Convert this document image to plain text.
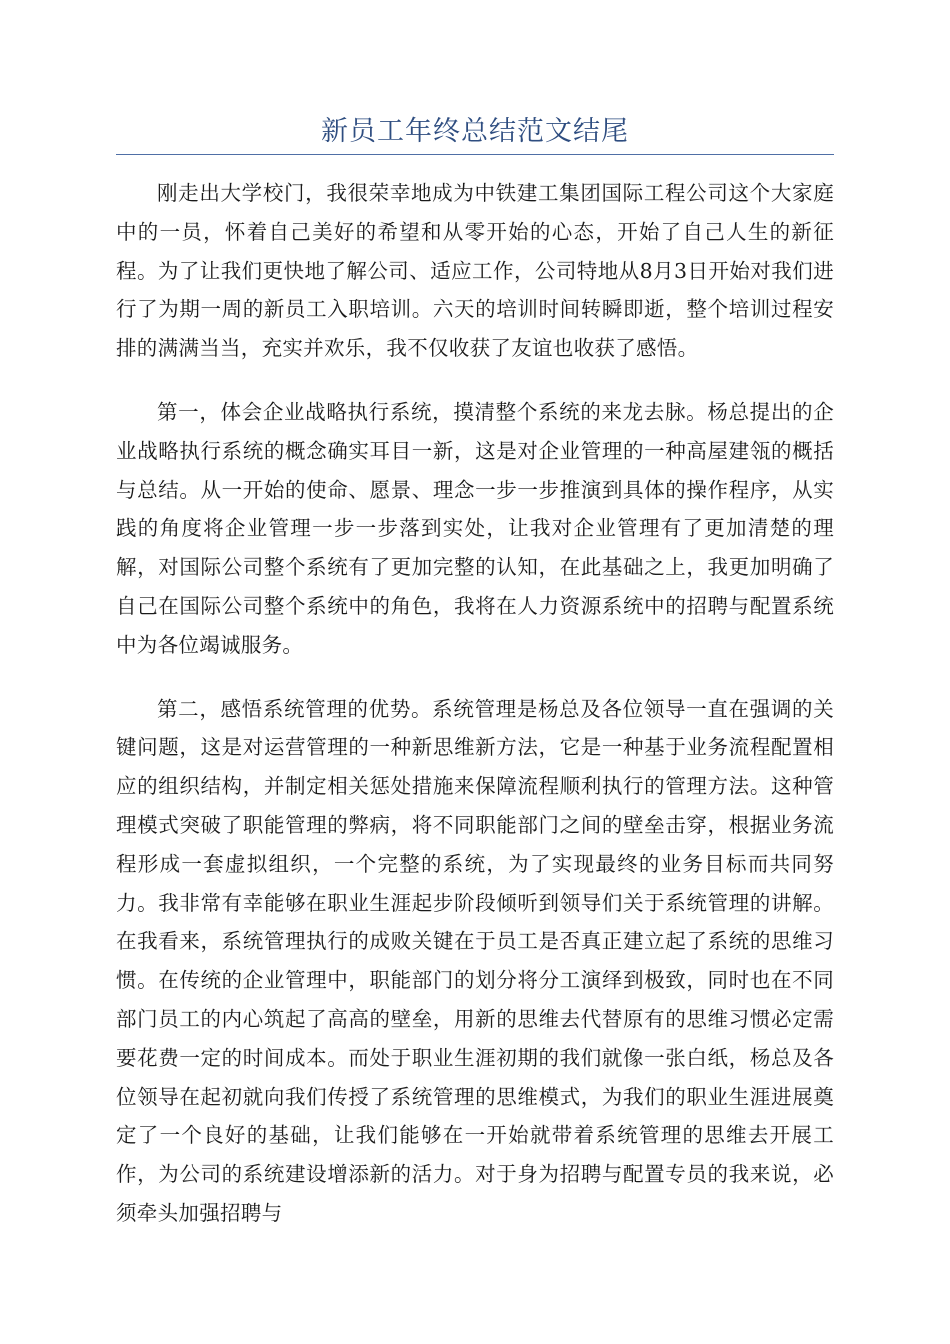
新员工年终总结范文结尾

刚走出大学校门，我很荣幸地成为中铁建工集团国际工程公司这个大家庭中的一员，怀着自己美好的希望和从零开始的心态，开始了自己人生的新征程。为了让我们更快地了解公司、适应工作，公司特地从8月3日开始对我们进行了为期一周的新员工入职培训。六天的培训时间转瞬即逝，整个培训过程安排的满满当当，充实并欢乐，我不仅收获了友谊也收获了感悟。

第一，体会企业战略执行系统，摸清整个系统的来龙去脉。杨总提出的企业战略执行系统的概念确实耳目一新，这是对企业管理的一种高屋建瓴的概括与总结。从一开始的使命、愿景、理念一步一步推演到具体的操作程序，从实践的角度将企业管理一步一步落到实处，让我对企业管理有了更加清楚的理解，对国际公司整个系统有了更加完整的认知，在此基础之上，我更加明确了自己在国际公司整个系统中的角色，我将在人力资源系统中的招聘与配置系统中为各位竭诚服务。

第二，感悟系统管理的优势。系统管理是杨总及各位领导一直在强调的关键问题，这是对运营管理的一种新思维新方法，它是一种基于业务流程配置相应的组织结构，并制定相关惩处措施来保障流程顺利执行的管理方法。这种管理模式突破了职能管理的弊病，将不同职能部门之间的壁垒击穿，根据业务流程形成一套虚拟组织，一个完整的系统，为了实现最终的业务目标而共同努力。我非常有幸能够在职业生涯起步阶段倾听到领导们关于系统管理的讲解。在我看来，系统管理执行的成败关键在于员工是否真正建立起了系统的思维习惯。在传统的企业管理中，职能部门的划分将分工演绎到极致，同时也在不同部门员工的内心筑起了高高的壁垒，用新的思维去代替原有的思维习惯必定需要花费一定的时间成本。而处于职业生涯初期的我们就像一张白纸，杨总及各位领导在起初就向我们传授了系统管理的思维模式，为我们的职业生涯进展奠定了一个良好的基础，让我们能够在一开始就带着系统管理的思维去开展工作，为公司的系统建设增添新的活力。对于身为招聘与配置专员的我来说，必须牵头加强招聘与
